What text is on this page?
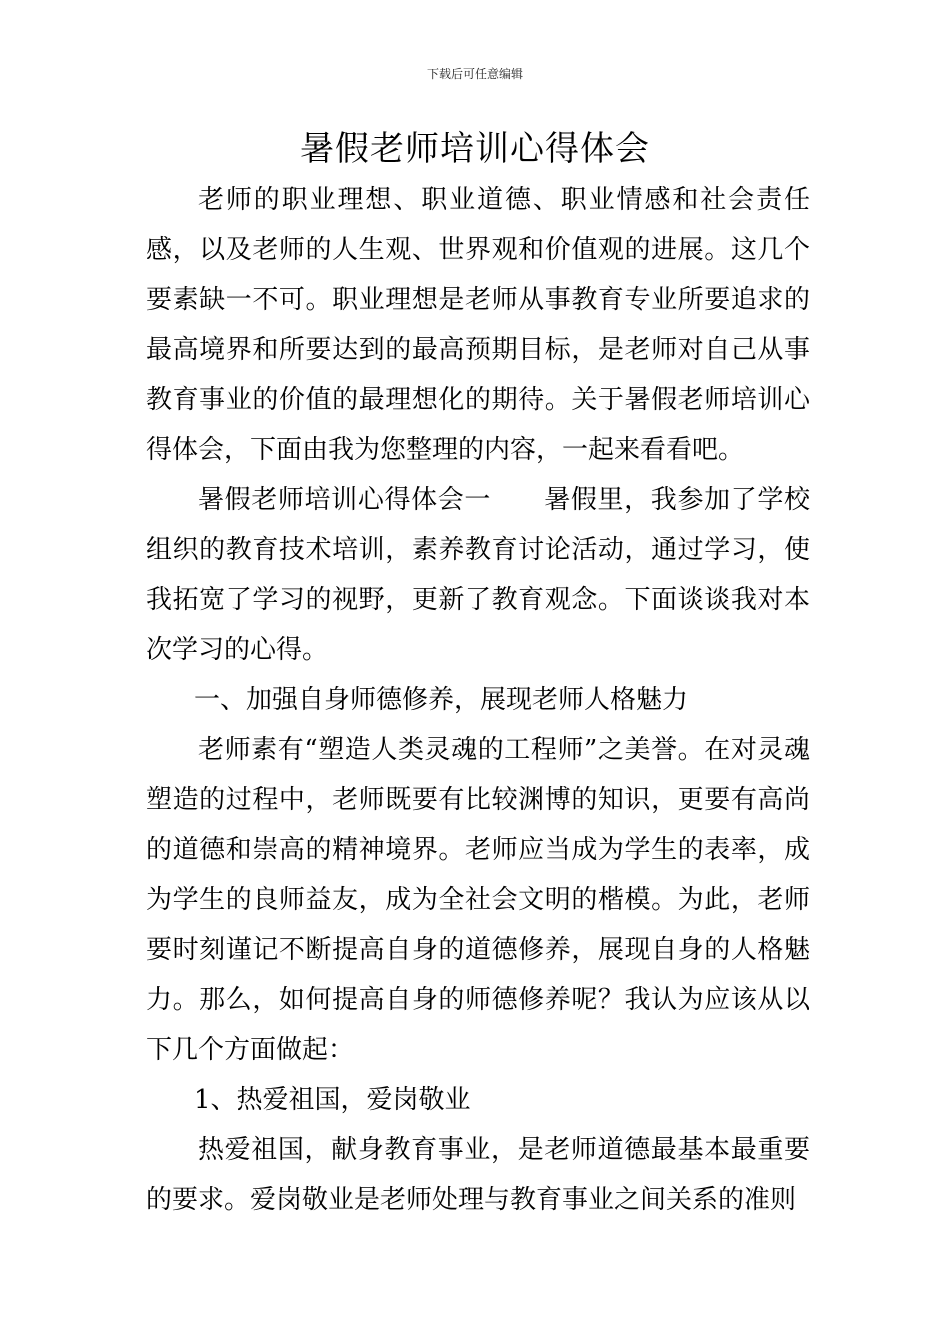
下载后可任意编辑
暑假老师培训心得体会

老师的职业理想、职业道德、职业情感和社会责任感，以及老师的人生观、世界观和价值观的进展。这几个要素缺一不可。职业理想是老师从事教育专业所要追求的最高境界和所要达到的最高预期目标，是老师对自己从事教育事业的价值的最理想化的期待。关于暑假老师培训心得体会，下面由我为您整理的内容，一起来看看吧。

暑假老师培训心得体会一　　暑假里，我参加了学校组织的教育技术培训，素养教育讨论活动，通过学习，使我拓宽了学习的视野，更新了教育观念。下面谈谈我对本次学习的心得。

一、加强自身师德修养，展现老师人格魅力

老师素有“塑造人类灵魂的工程师”之美誉。在对灵魂塑造的过程中，老师既要有比较渊博的知识，更要有高尚的道德和崇高的精神境界。老师应当成为学生的表率，成为学生的良师益友，成为全社会文明的楷模。为此，老师要时刻谨记不断提高自身的道德修养，展现自身的人格魅力。那么，如何提高自身的师德修养呢？我认为应该从以下几个方面做起：

1、热爱祖国，爱岗敬业

热爱祖国，献身教育事业，是老师道德最基本最重要的要求。爱岗敬业是老师处理与教育事业之间关系的准则
